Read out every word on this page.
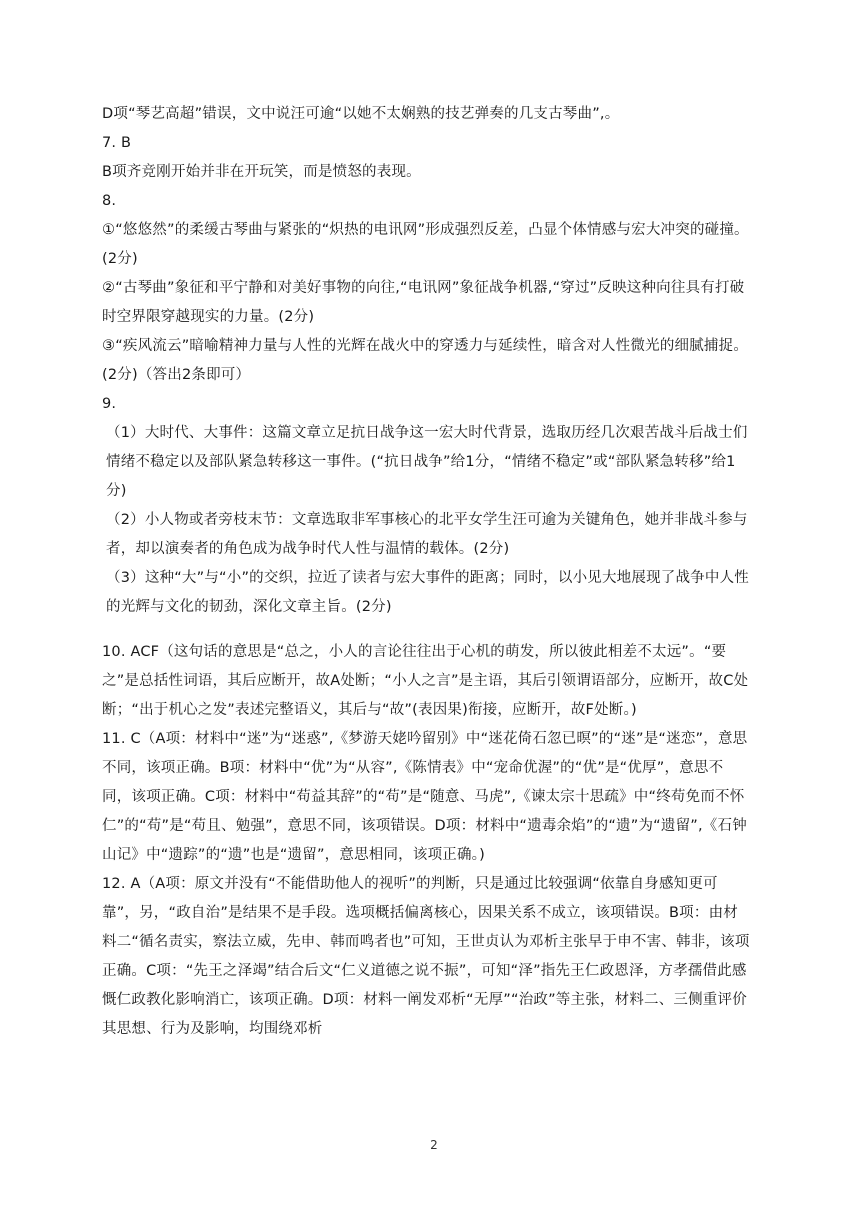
D项“琴艺高超”错误，文中说汪可逾“以她不太娴熟的技艺弹奏的几支古琴曲”,。

7. B

B项齐竞刚开始并非在开玩笑，而是愤怒的表现。

8.

①“悠悠然”的柔缓古琴曲与紧张的“炽热的电讯网”形成强烈反差，凸显个体情感与宏大冲突的碰撞。(2分)

②“古琴曲”象征和平宁静和对美好事物的向往,“电讯网”象征战争机器,“穿过”反映这种向往具有打破时空界限穿越现实的力量。(2分)

③“疾风流云”暗喻精神力量与人性的光辉在战火中的穿透力与延续性，暗含对人性微光的细腻捕捉。(2分)（答出2条即可）

9.

（1）大时代、大事件：这篇文章立足抗日战争这一宏大时代背景，选取历经几次艰苦战斗后战士们情绪不稳定以及部队紧急转移这一事件。(“抗日战争”给1分，“情绪不稳定”或“部队紧急转移”给1分)

（2）小人物或者旁枝末节：文章选取非军事核心的北平女学生汪可逾为关键角色，她并非战斗参与者，却以演奏者的角色成为战争时代人性与温情的载体。(2分)

（3）这种“大”与“小”的交织，拉近了读者与宏大事件的距离；同时，以小见大地展现了战争中人性的光辉与文化的韧劲，深化文章主旨。(2分)

10. ACF（这句话的意思是“总之，小人的言论往往出于心机的萌发，所以彼此相差不太远”。“要之”是总括性词语，其后应断开，故A处断；“小人之言”是主语，其后引领谓语部分，应断开，故C处断；“出于机心之发”表述完整语义，其后与“故”(表因果)衔接，应断开，故F处断。)

11. C（A项：材料中“迷”为“迷惑”,《梦游天姥吟留别》中“迷花倚石忽已暝”的“迷”是“迷恋”，意思不同，该项正确。B项：材料中“优”为“从容”,《陈情表》中“宠命优渥”的“优”是“优厚”，意思不同，该项正确。C项：材料中“苟益其辞”的“苟”是“随意、马虎”,《谏太宗十思疏》中“终苟免而不怀仁”的“苟”是“苟且、勉强”，意思不同，该项错误。D项：材料中“遗毒余焰”的“遗”为“遗留”,《石钟山记》中“遗踪”的“遗”也是“遗留”，意思相同，该项正确。)

12. A（A项：原文并没有“不能借助他人的视听”的判断，只是通过比较强调“依靠自身感知更可靠”，另，“政自治”是结果不是手段。选项概括偏离核心，因果关系不成立，该项错误。B项：由材料二“循名责实，察法立威，先申、韩而鸣者也”可知，王世贞认为邓析主张早于申不害、韩非，该项正确。C项：“先王之泽竭”结合后文“仁义道德之说不振”，可知“泽”指先王仁政恩泽，方孝孺借此感慨仁政教化影响消亡，该项正确。D项：材料一阐发邓析“无厚”“治政”等主张，材料二、三侧重评价其思想、行为及影响，均围绕邓析

2
